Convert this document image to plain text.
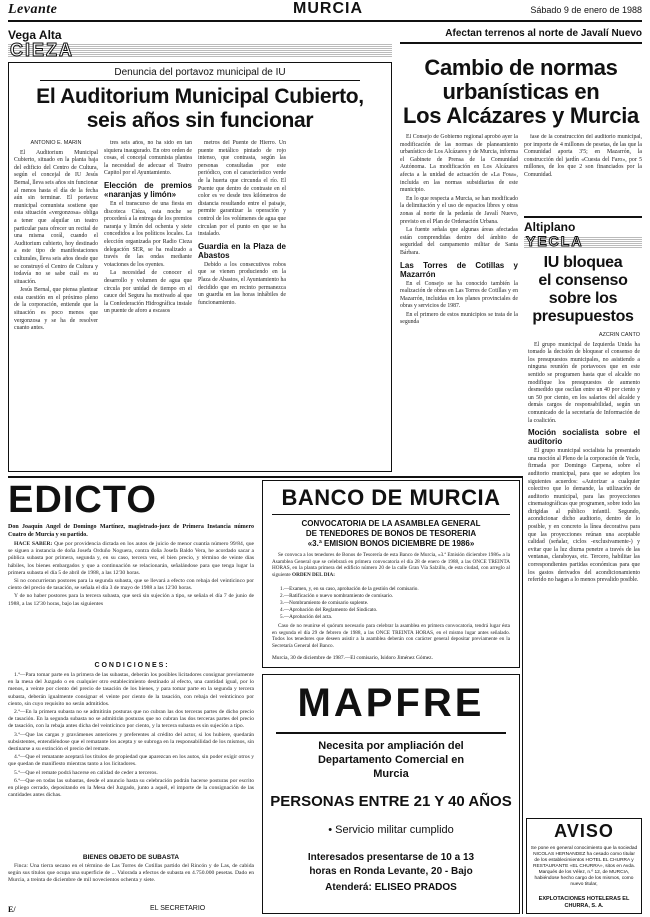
Levante	MURCIA	Sábado 9 de enero de 1988
Vega Alta
CIEZA
Denuncia del portavoz municipal de IU
El Auditorium Municipal Cubierto,
seis años sin funcionar
ANTONIO E. MARIN

El Auditorium Municipal Cubierto, situado en la planta baja del edificio del Centro de Cultura, según el concejal de IU Jesús Bernal, lleva seis años sin funcionar al menos hasta el día de la fecha aún sin terminar. El portavoz municipal comunista sostiene que esta situación «vergonzosa» obliga a tener que alquilar un teatro particular para ofrecer un recital de una misma corál, cuando el Auditorium cubierto, hoy destinado a este tipo de manifestaciones culturales, lleva seis años desde que se construyó el Centro de Cultura y todavía no se sabe cuál es su situación.

Jesús Bernal, que piensa plantear esta cuestión en el próximo pleno de la corporación, entiende que la situación es poco menos que vergonzosa y se ha de resolver cuanto antes.

tres seis años, no ha sido en tan siquiera inaugurado. En otro orden de cosas, el concejal comunista plantea la necesidad de adecuar el Teatro Capitol por el Ayuntamiento.

Elección de premios «naranjas y limón»

En el transcurso de una fiesta en discoteca Ciéza, esta noche se procederá a la entrega de los premios naranja y limón del ochenta y siete concedidos a los políticos locales. La elección organizada por Radio Cieza delegación SER, se ha realizado a través de las ondas mediante votaciones de los oyentes.

La necesidad de conocer el desarrollo y volumen de agua que circula por unidad de tiempo en el cauce del Segura ha motivado al que la Confederación Hidrográfica instale un puente de aforo a escasos

metros del Puente de Hierro. Un puente metálico pintado de rojo intenso, que contrasta, según las personas consultadas por este periódico, con el característico verde de la huerta que circunda el río. El Puente que dentro de contraste en el color es ve desde tres kilómetros de distancia resultando entre el paisaje, permite garantizar la operación y control de los volúmenes de agua que circulan por el punto en que se ha instalado.

Guardia en la Plaza de Abastos

Debido a los consecutivos robos que se vienen produciendo en la Plaza de Abastos, el Ayuntamiento ha decidido que en recinto permanezca un guardia en las horas inhábiles de funcionamiento.

Afectan terrenos al norte de Javalí Nuevo
Cambio de normas
urbanísticas en
Los Alcázares y Murcia

El Consejo de Gobierno regional aprobó ayer la modificación de las normas de planeamiento urbanístico de Los Alcázares y de Murcia, informa el Gabinete de Prensa de la Comunidad Autónoma. La modificación en Los Alcázares afecta a la unidad de actuación de «La Fosa», incluida en las normas subsidiarias de este municipio.

En lo que respecta a Murcia, se han modificado la delimitación y el uso de espacios libres y otras zonas al norte de la pedanía de Javalí Nuevo, previsto en el Plan de Ordenación Urbana.

La fuente señala que algunas áreas afectadas están comprendidas dentro del ámbito de seguridad del campamento militar de Santa Bárbara.

Las Torres de Cotillas y Mazarrón

En el Consejo se ha conocido también la realización de obras en Las Torres de Cotillas y en Mazarrón, incluidas en los planes provinciales de obras y servicios de 1987.

En el primero de estos municipios se trata de la segunda

fase de la construcción del auditorio municipal, por importe de 4 millones de pesetas, de las que la Comunidad aporta 3'5; en Mazarrón, la construcción del jardín «Cuesta del Faro», por 5 millones, de los que 2 son financiados por la Comunidad.

Altiplano
YECLA
IU bloquea
el consenso
sobre los
presupuestos
AZCRIN CANTO

El grupo municipal de Izquierda Unida ha tomado la decisión de bloquear el consenso de los presupuestos municipales, no asistiendo a ninguna reunión de portavoces que en este sentido se programen hasta que el alcalde no modifique los presupuestos de aumento desmedido que oscilan entre un 40 por ciento y un 50 por ciento, en los salarios del alcalde y demás cargos de responsabilidad, según un comunicado de la secretaría de Información de la coalición.

Moción socialista sobre el auditorio

El grupo municipal socialista ha presentado una moción al Pleno de la corporación de Yecla, firmada por Domingo Carpena, sobre el auditorio municipal, para que se adopten los siguientes acuerdos: «Autorizar a cualquier colectivo que lo demande, la utilización de auditorio municipal, para las proyecciones cinematográficas que programen, sobre todo las dirigidas al público infantil. Segundo, acondicionar dicho auditorio, dentro de lo posible, y en concreto la línea decorativa para que las proyecciones reúnan una aceptable calidad (señalar, ciclos -exclusivamente-) y evitar que la luz diurna penetre a través de las ventanas, claraboyas, etc. Tercero, habilitar las correspondientes partidas económicas para que los gastos derivados del acondicionamiento referido no hagan a lo menos prevalido posible.

AVISO
Se pone en general conocimiento que la sociedad NICOLAS HERNANDEZ ha cesado como titular de los establecimientos HOTEL EL CHURRA y RESTAURANTE «EL CHURRA», sitos en Avda. Marqués de los Vélez, n.º 12, de MURCIA, habiéndose hecho cargo de los mismos, como nuevo titular,
EXPLOTACIONES HOTELERAS EL CHURRA, S. A.
EDICTO
Don Joaquín Angel de Domingo Martínez, magistrado-juez de Primera Instancia número Cuatro de Murcia y su partido.

HACE SABER: Que por providencia dictada en los autos de juicio de menor cuantía número 99/84, que se siguen a instancia de doña Josefa Orduño Noguera, contra doña Josefa Baldo Vera, he acordado sacar a pública subasta por primera, segunda y, en su caso, tercera vez, el bien precio, y término de veinte días hábiles, los bienes embargados y que a continuación se relacionarán, señalándose para que tenga lugar la primera subasta el día 5 de abril de 1988, a las 12'30 horas.

Si no concurrieran postores para la segunda subasta, que se llevará a efecto con rebaja del veinticinco por ciento del precio de tasación, se señala el día 3 de mayo de 1988 a las 12'30 horas.

Y de no haber postores para la tercera subasta, que será sin sujeción a tipo, se señala el día 7 de junio de 1988, a las 12'30 horas, bajo las siguientes

C O N D I C I O N E S :

1.ª—Para tomar parte en la primera de las subastas, deberán los posibles licitadores consignar previamente en la mesa del Juzgado o en cualquier otro establecimiento destinado al efecto, una cantidad igual, por lo menos, a veinte por ciento del precio de tasación de los bienes, y para tomar parte en la segunda y tercera subasta, deberán igualmente consignar el veinte por ciento de la tasación, con rebaja del veinticinco por ciento, sin cuyo requisito no serán admitidos.

2.ª—En la primera subasta no se admitirán posturas que no cubran las dos terceras partes de dicho precio de tasación. En la segunda subasta no se admitirán posturas que no cubran las dos terceras partes del precio de tasación, con la rebaja antes dicha del veinticinco por ciento, y la tercera subasta es sin sujeción a tipo.

3.ª—Que las cargas y gravámenes anteriores y preferentes al crédito del actor, si los hubiere, quedarán subsistentes, entendiéndose que el rematante los acepta y se subroga en la responsabilidad de los mismos, sin destinarse a su extinción el precio del remate.

4.ª—Que el rematante aceptará los títulos de propiedad que aparezcan en los autos, sin poder exigir otros y que quedan de manifiesto mientras tanto a los licitadores.

5.ª—Que el remate podrá hacerse en calidad de ceder a terceros.

6.ª—Que en todas las subastas, desde el anuncio hasta su celebración podrán hacerse posturas por escrito en pliego cerrado, depositando en la Mesa del Juzgado, junto a aquél, el importe de la consignación de las cantidades antes dichas.

BIENES OBJETO DE SUBASTA

Finca: Una tierra secano en el término de Las Torres de Cotillas partido del Rincón y de Las, de cabida según sus títulos que ocupa una superficie de ... Valorada a efectos de subasta en 4.750.000 pesetas. Dado en Murcia, a treinta de diciembre de mil novecientos ochenta y siete.

E/	EL SECRETARIO
BANCO DE MURCIA
CONVOCATORIA DE LA ASAMBLEA GENERAL
DE TENEDORES DE BONOS DE TESORERIA
«3.ª EMISION BONOS DICIEMBRE DE 1986»

Se convoca a los tenedores de Bonos de Tesorería de esta Banco de Murcia, «3.ª Emisión diciembre 1986» a la Asamblea General que se celebrará en primera convocatoria el día 28 de enero de 1988, a las ONCE TREINTA HORAS, en la planta primera del edificio número 20 de la calle Gran Vía Salzillo, de esta ciudad, con arreglo al siguiente ORDEN DEL DIA:

1.—Examen, y, en su caso, aprobación de la gestión del comisario.
2.—Ratificación o nuevo nombramiento de comisario.
3.—Nombramiento de comisario suplente.
4.—Aprobación del Reglamento del Sindicato.
5.—Aprobación del acta.

Caso de no reunirse el quórum necesario para celebrar la asamblea en primera convocatoria, tendrá lugar ésta en segunda el día 29 de febrero de 1988, a las ONCE TREINTA HORAS, en el mismo lugar antes señalado. Todos los tenedores que deseen asistir a la asamblea deberán con carácter general depositar previamente en la Secretaría General del Banco.

Murcia, 30 de diciembre de 1987.—El comisario, Isidoro Jiménez Gómez.
MAPFRE
Necesita por ampliación del
Departamento Comercial en
Murcia
PERSONAS ENTRE 21 Y 40 AÑOS
• Servicio militar cumplido
Interesados presentarse de 10 a 13
horas en Ronda Levante, 20 - Bajo
Atenderá: ELISEO PRADOS
